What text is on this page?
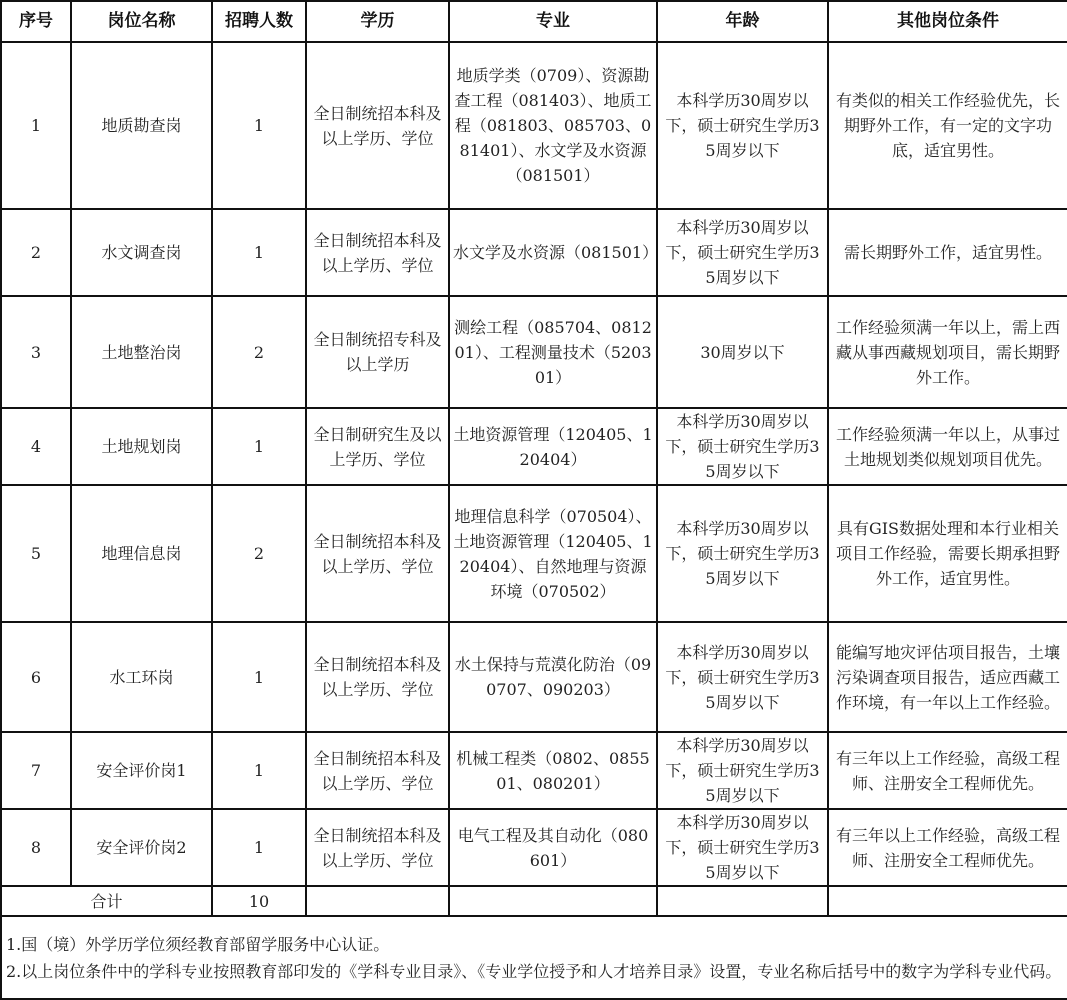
序号	岗位名称	招聘人数	学历	专业	年龄	其他岗位条件
1	地质勘查岗	1	全日制统招本科及以上学历、学位	地质学类（0709）、资源勘查工程（081403）、地质工程（081803、085703、081401）、水文学及水资源（081501）	本科学历30周岁以下，硕士研究生学历35周岁以下	有类似的相关工作经验优先，长期野外工作，有一定的文字功底，适宜男性。
2	水文调查岗	1	全日制统招本科及以上学历、学位	水文学及水资源（081501）	本科学历30周岁以下，硕士研究生学历35周岁以下	需长期野外工作，适宜男性。
3	土地整治岗	2	全日制统招专科及以上学历	测绘工程（085704、081201）、工程测量技术（520301）	30周岁以下	工作经验须满一年以上，需上西藏从事西藏规划项目，需长期野外工作。
4	土地规划岗	1	全日制研究生及以上学历、学位	土地资源管理（120405、120404）	本科学历30周岁以下，硕士研究生学历35周岁以下	工作经验须满一年以上，从事过土地规划类似规划项目优先。
5	地理信息岗	2	全日制统招本科及以上学历、学位	地理信息科学（070504）、土地资源管理（120405、120404）、自然地理与资源环境（070502）	本科学历30周岁以下，硕士研究生学历35周岁以下	具有GIS数据处理和本行业相关项目工作经验，需要长期承担野外工作，适宜男性。
6	水工环岗	1	全日制统招本科及以上学历、学位	水土保持与荒漠化防治（090707、090203）	本科学历30周岁以下，硕士研究生学历35周岁以下	能编写地灾评估项目报告，土壤污染调查项目报告，适应西藏工作环境，有一年以上工作经验。
7	安全评价岗1	1	全日制统招本科及以上学历、学位	机械工程类（0802、085501、080201）	本科学历30周岁以下，硕士研究生学历35周岁以下	有三年以上工作经验，高级工程师、注册安全工程师优先。
8	安全评价岗2	1	全日制统招本科及以上学历、学位	电气工程及其自动化（080601）	本科学历30周岁以下，硕士研究生学历35周岁以下	有三年以上工作经验，高级工程师、注册安全工程师优先。
合计		10				

1.国（境）外学历学位须经教育部留学服务中心认证。
2.以上岗位条件中的学科专业按照教育部印发的《学科专业目录》、《专业学位授予和人才培养目录》设置，专业名称后括号中的数字为学科专业代码。						
